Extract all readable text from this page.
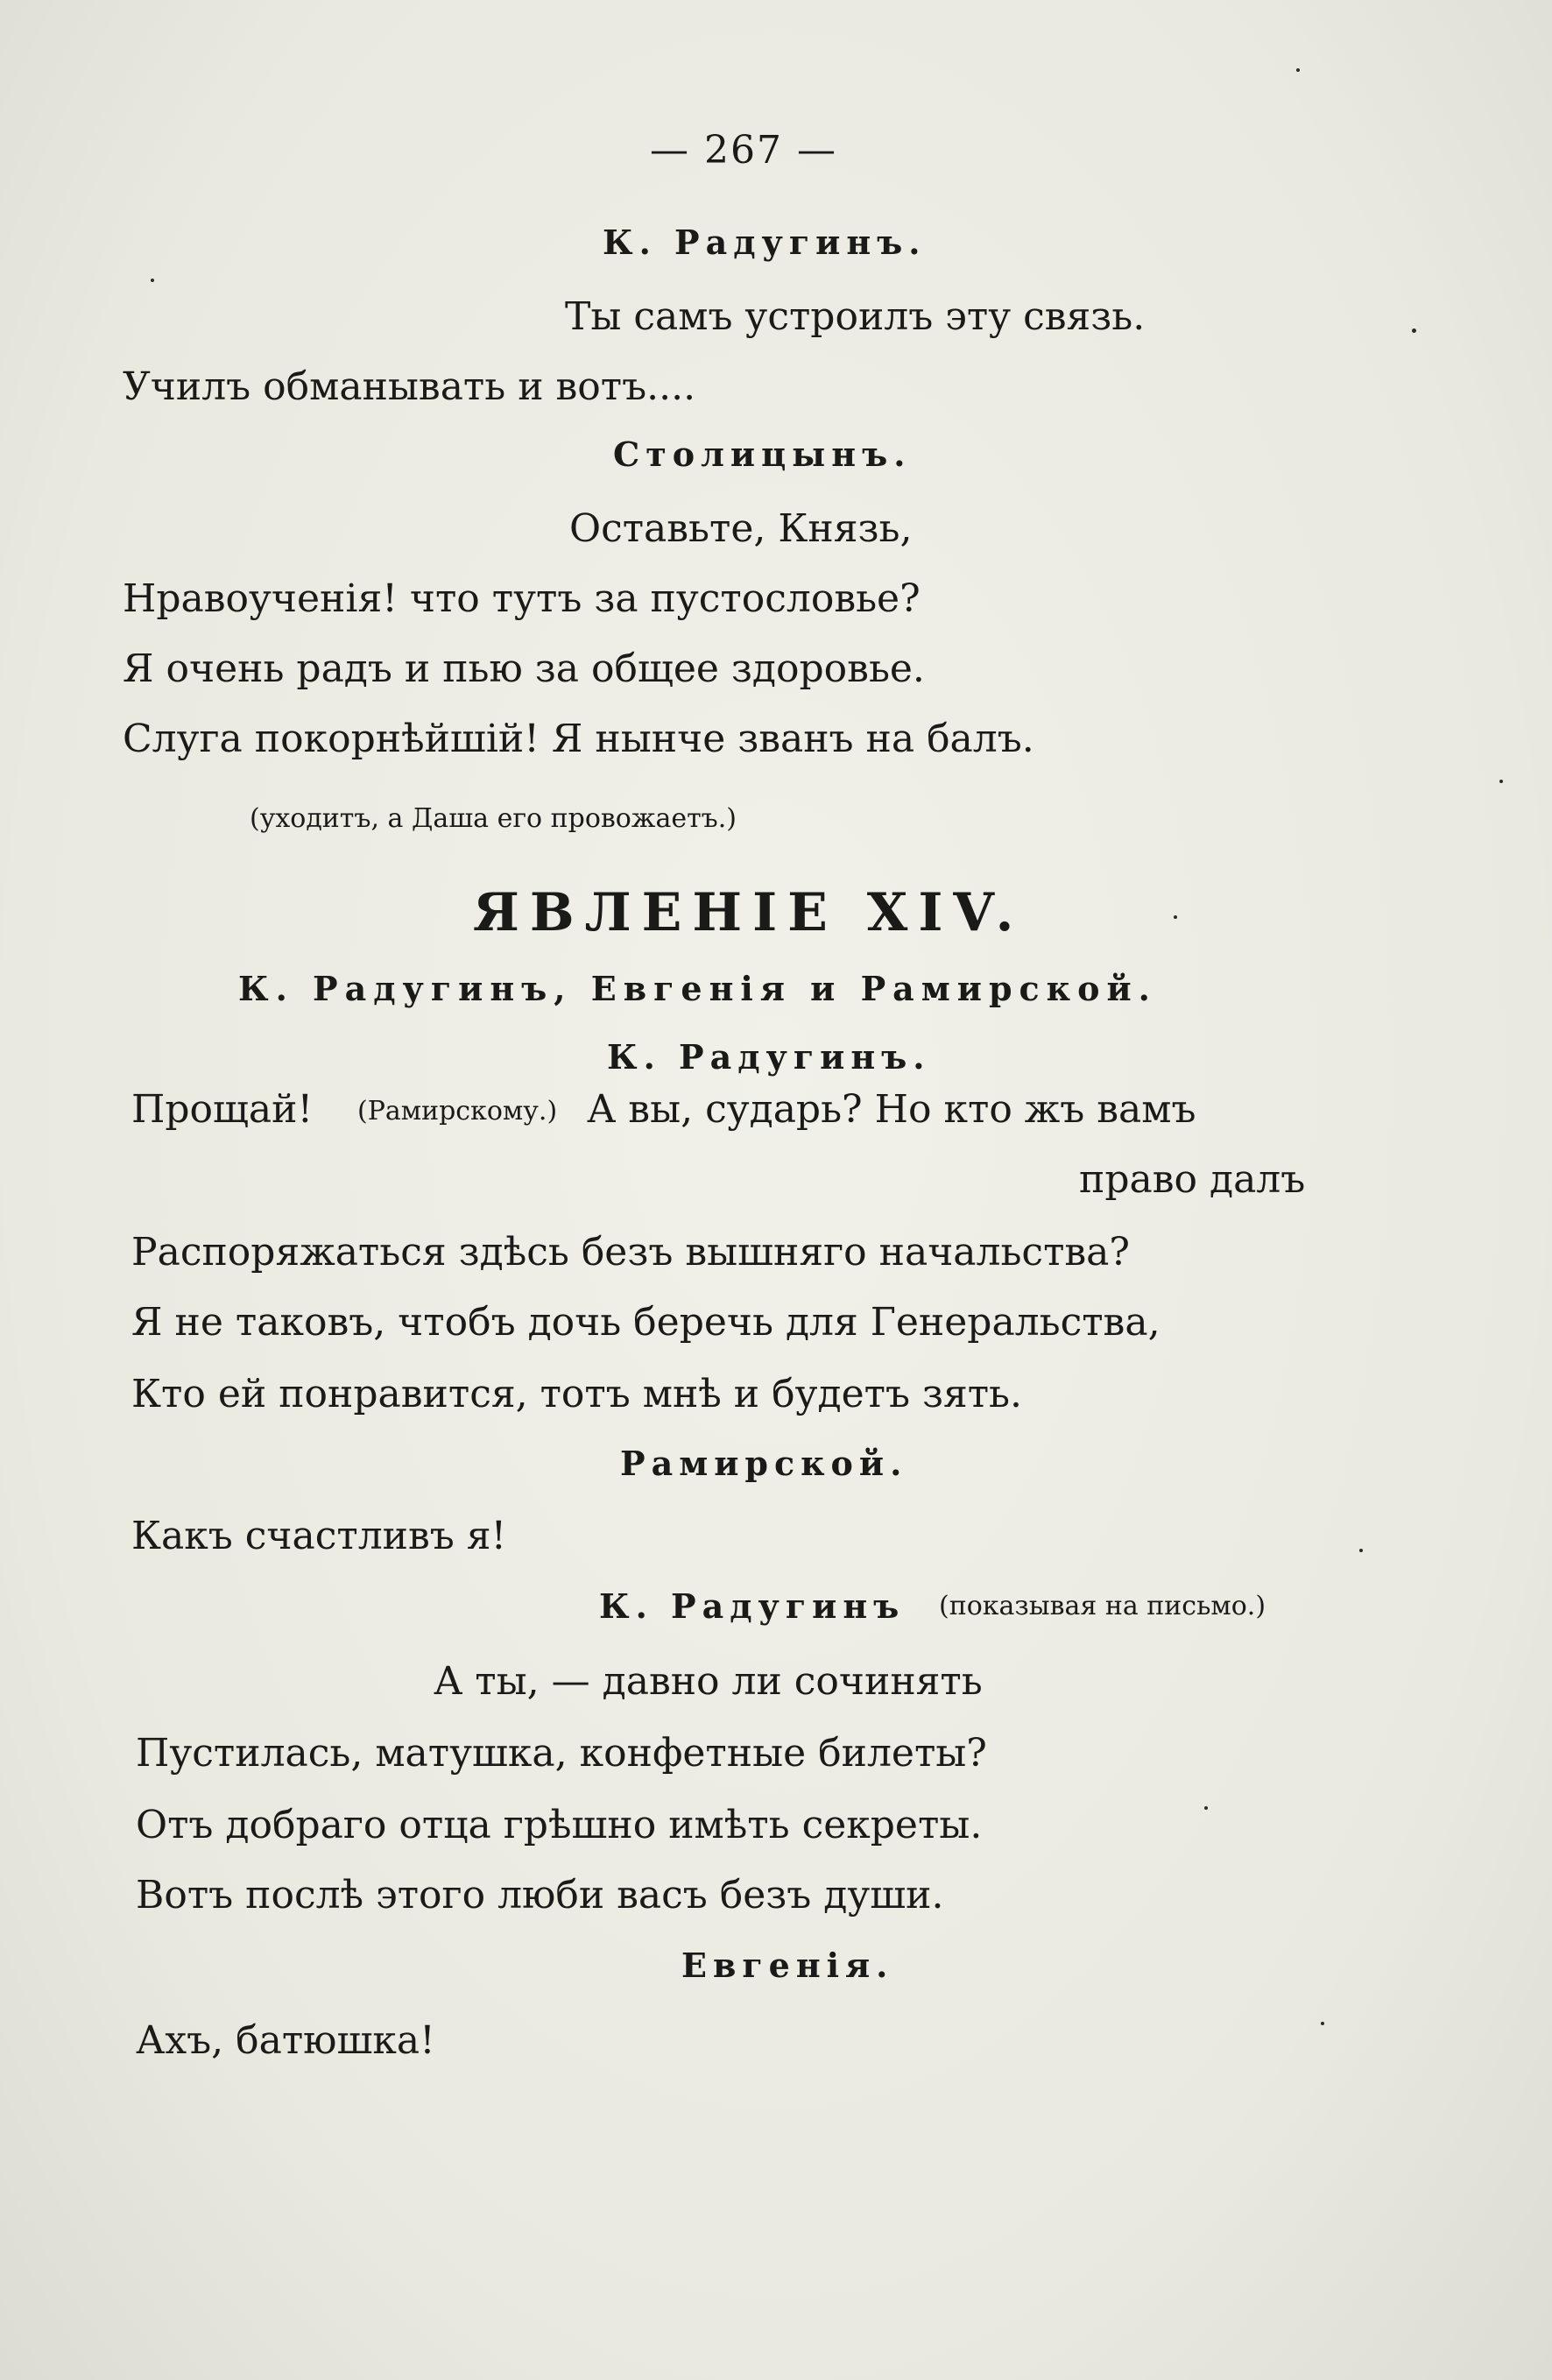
— 267 —
К. Радугинъ.
Ты самъ устроилъ эту связь.
Училъ обманывать и вотъ....
Столицынъ.
Оставьте, Князь,
Нравоученія! что тутъ за пустословье?
Я очень радъ и пью за общее здоровье.
Слуга покорнѣйшій! Я нынче званъ на балъ.
(уходитъ, а Даша его провожаетъ.)
ЯВЛЕНІЕ XIV.
К. Радугинъ, Евгенія и Рамирской.
К. Радугинъ.
Прощай! (Рамирскому.) А вы, сударь? Но кто жъ вамъ
право далъ
Распоряжаться здѣсь безъ вышняго начальства?
Я не таковъ, чтобъ дочь беречь для Генеральства,
Кто ей понравится, тотъ мнѣ и будетъ зять.
Рамирской.
Какъ счастливъ я!
К. Радугинъ (показывая на письмо.)
А ты, — давно ли сочинять
Пустилась, матушка, конфетные билеты?
Отъ добраго отца грѣшно имѣть секреты.
Вотъ послѣ этого люби васъ безъ души.
Евгенія.
Ахъ, батюшка!
